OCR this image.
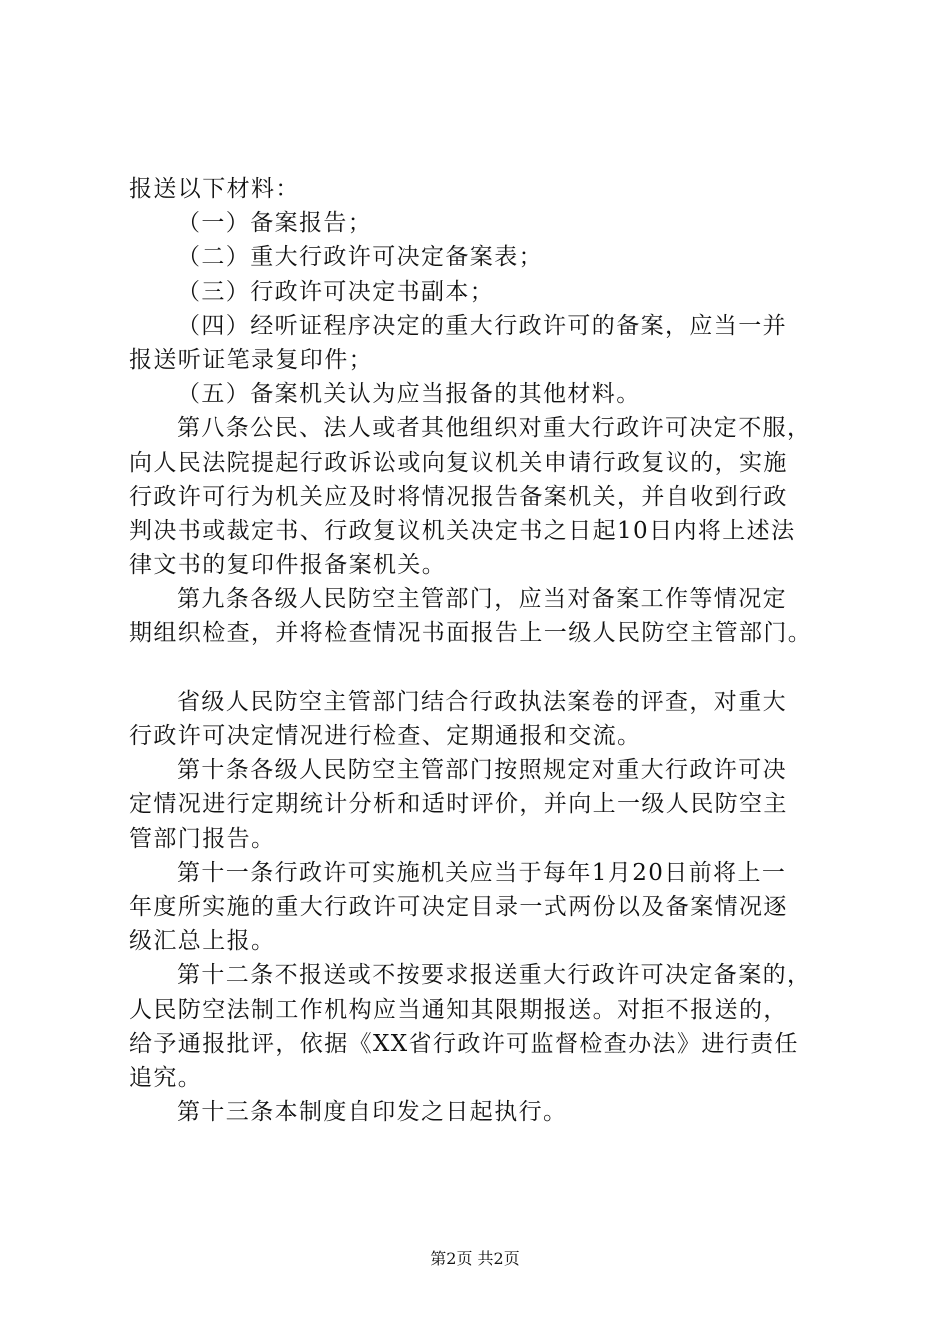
报送以下材料：
（一）备案报告；
（二）重大行政许可决定备案表；
（三）行政许可决定书副本；
（四）经听证程序决定的重大行政许可的备案，应当一并
报送听证笔录复印件；
（五）备案机关认为应当报备的其他材料。
第八条公民、法人或者其他组织对重大行政许可决定不服，
向人民法院提起行政诉讼或向复议机关申请行政复议的，实施
行政许可行为机关应及时将情况报告备案机关，并自收到行政
判决书或裁定书、行政复议机关决定书之日起10日内将上述法
律文书的复印件报备案机关。
第九条各级人民防空主管部门，应当对备案工作等情况定
期组织检查，并将检查情况书面报告上一级人民防空主管部门。
省级人民防空主管部门结合行政执法案卷的评查，对重大
行政许可决定情况进行检查、定期通报和交流。
第十条各级人民防空主管部门按照规定对重大行政许可决
定情况进行定期统计分析和适时评价，并向上一级人民防空主
管部门报告。
第十一条行政许可实施机关应当于每年1月20日前将上一
年度所实施的重大行政许可决定目录一式两份以及备案情况逐
级汇总上报。
第十二条不报送或不按要求报送重大行政许可决定备案的，
人民防空法制工作机构应当通知其限期报送。对拒不报送的，
给予通报批评，依据《XX省行政许可监督检查办法》进行责任
追究。
第十三条本制度自印发之日起执行。
第2页 共2页
